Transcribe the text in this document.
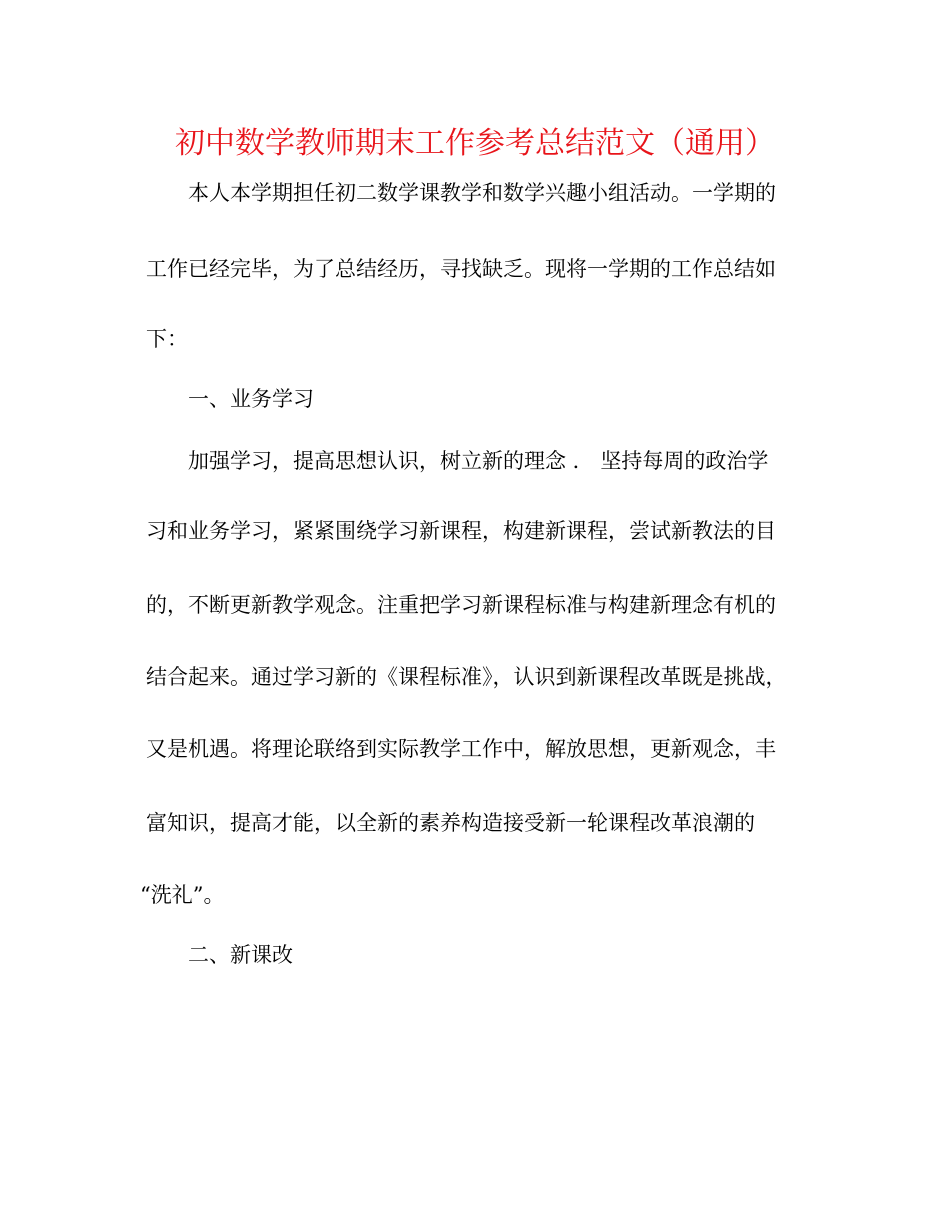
初中数学教师期末工作参考总结范文（通用）

本人本学期担任初二数学课教学和数学兴趣小组活动。一学期的

工作已经完毕，为了总结经历，寻找缺乏。现将一学期的工作总结如

下：

一、业务学习

加强学习，提高思想认识，树立新的理念 ． 坚持每周的政治学

习和业务学习，紧紧围绕学习新课程，构建新课程，尝试新教法的目

的，不断更新教学观念。注重把学习新课程标准与构建新理念有机的

结合起来。通过学习新的《课程标准》，认识到新课程改革既是挑战，

又是机遇。将理论联络到实际教学工作中，解放思想，更新观念，丰

富知识，提高才能，以全新的素养构造接受新一轮课程改革浪潮的

“洗礼”。

二、新课改
